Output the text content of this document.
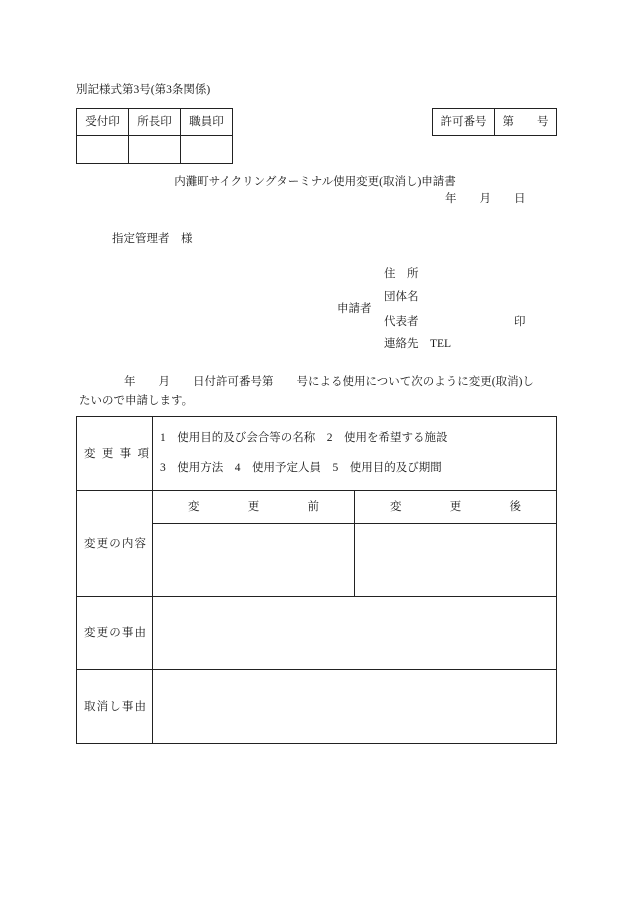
別記様式第3号(第3条関係)
受付印 所長印 職員印	許可番号 第　　号
内灘町サイクリングターミナル使用変更(取消し)申請書
年　　月　　日
指定管理者　様
住　所
団体名
申請者
代表者	印
連絡先　TEL
年　　月　　日付許可番号第　　号による使用について次のように変更(取消)し
たいので申請します。
変更事項
1　使用目的及び会合等の名称　2　使用を希望する施設
3　使用方法　4　使用予定人員　5　使用目的及び期間
変更の内容
変更前	変更後
変更の事由
取消し事由
